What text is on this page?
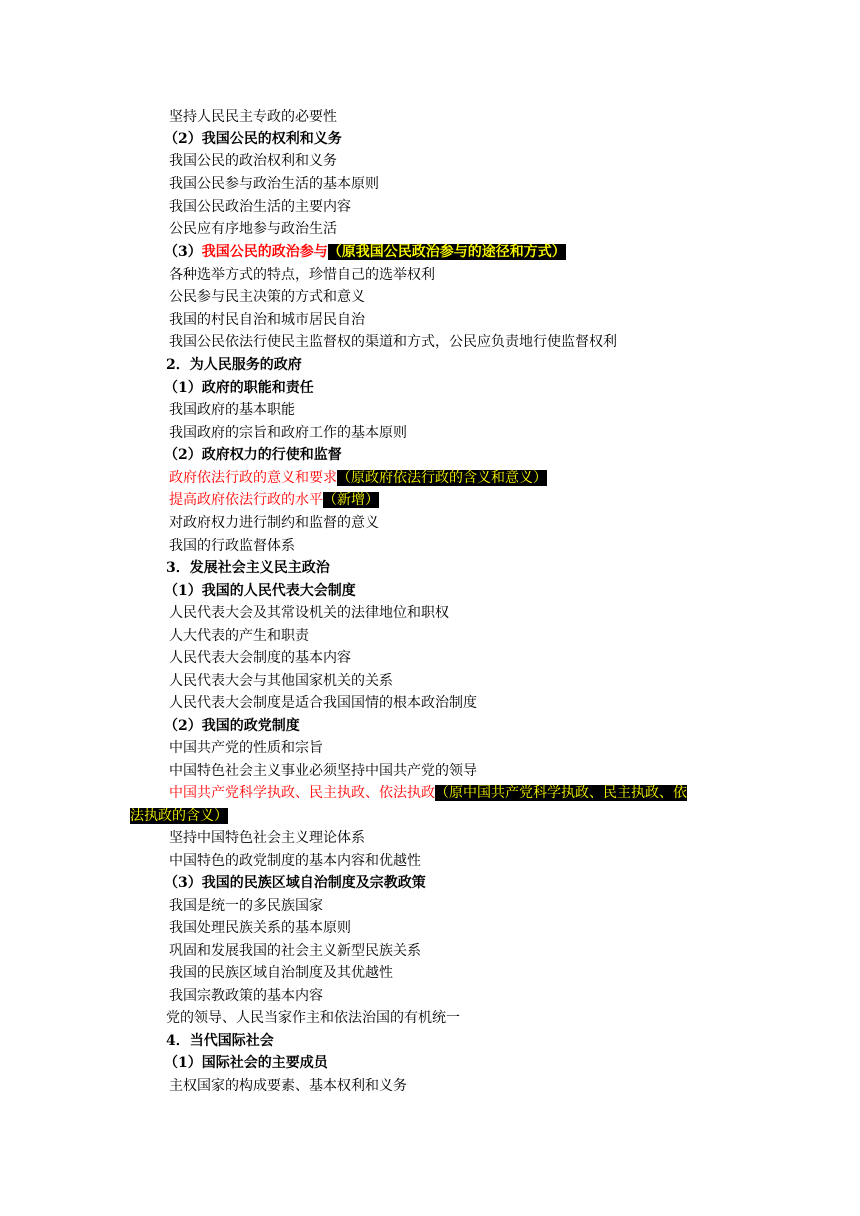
坚持人民民主专政的必要性
（2）我国公民的权利和义务
我国公民的政治权利和义务
我国公民参与政治生活的基本原则
我国公民政治生活的主要内容
公民应有序地参与政治生活
（3）我国公民的政治参与（原我国公民政治参与的途径和方式）
各种选举方式的特点，珍惜自己的选举权利
公民参与民主决策的方式和意义
我国的村民自治和城市居民自治
我国公民依法行使民主监督权的渠道和方式，公民应负责地行使监督权利
2．为人民服务的政府
（1）政府的职能和责任
我国政府的基本职能
我国政府的宗旨和政府工作的基本原则
（2）政府权力的行使和监督
政府依法行政的意义和要求（原政府依法行政的含义和意义）
提高政府依法行政的水平（新增）
对政府权力进行制约和监督的意义
我国的行政监督体系
3．发展社会主义民主政治
（1）我国的人民代表大会制度
人民代表大会及其常设机关的法律地位和职权
人大代表的产生和职责
人民代表大会制度的基本内容
人民代表大会与其他国家机关的关系
人民代表大会制度是适合我国国情的根本政治制度
（2）我国的政党制度
中国共产党的性质和宗旨
中国特色社会主义事业必须坚持中国共产党的领导
中国共产党科学执政、民主执政、依法执政（原中国共产党科学执政、民主执政、依
法执政的含义）
坚持中国特色社会主义理论体系
中国特色的政党制度的基本内容和优越性
（3）我国的民族区域自治制度及宗教政策
我国是统一的多民族国家
我国处理民族关系的基本原则
巩固和发展我国的社会主义新型民族关系
我国的民族区域自治制度及其优越性
我国宗教政策的基本内容
党的领导、人民当家作主和依法治国的有机统一
4．当代国际社会
（1）国际社会的主要成员
主权国家的构成要素、基本权利和义务
